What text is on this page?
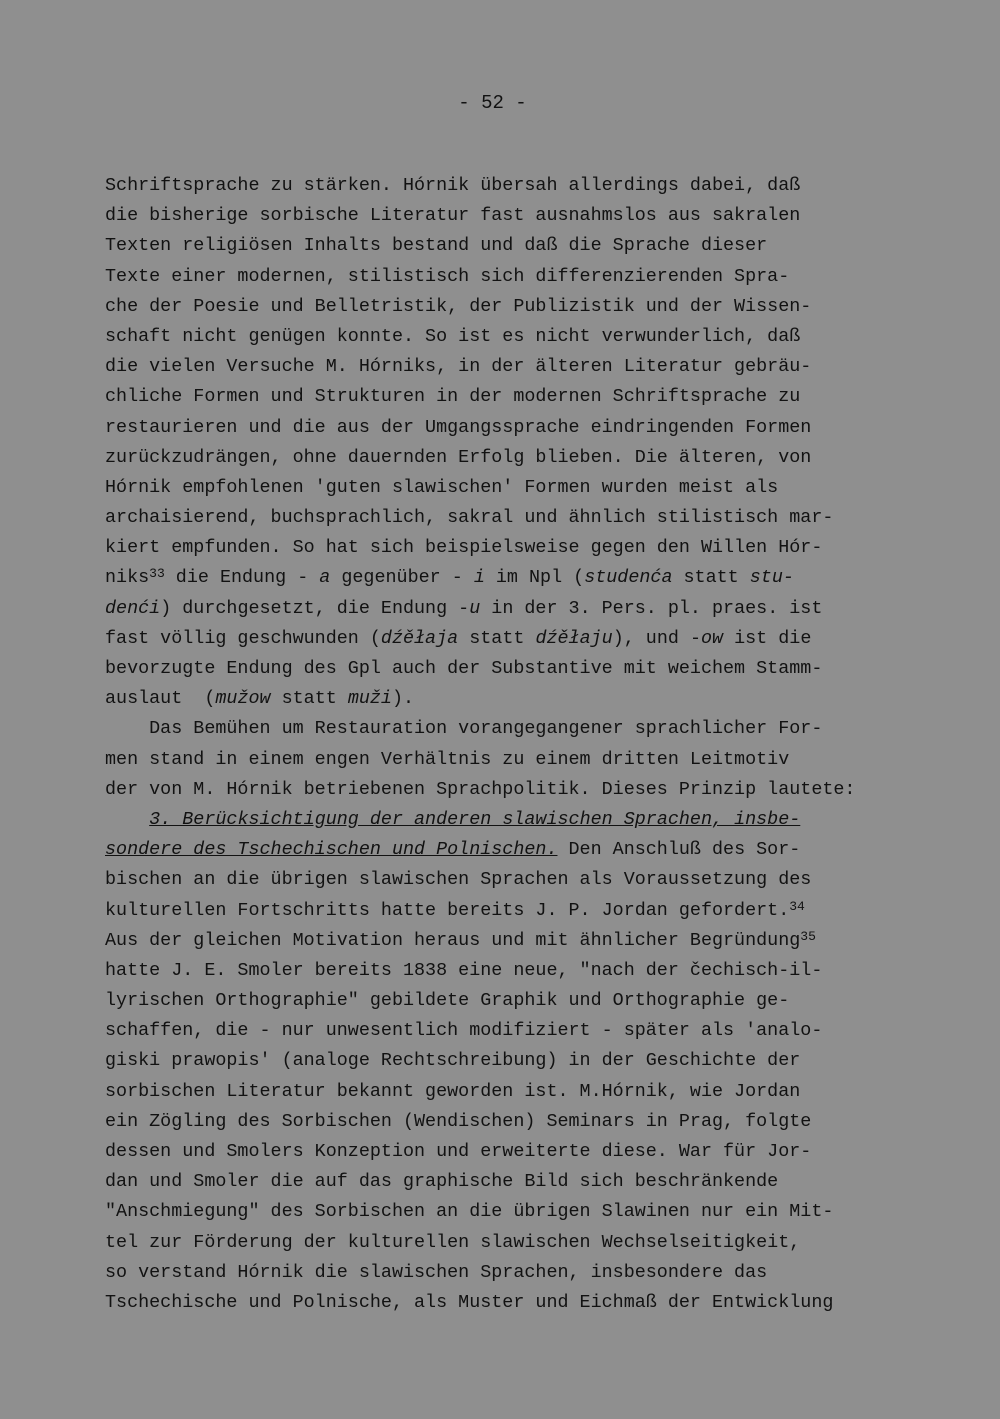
- 52 -
Schriftsprache zu stärken. Hórnik übersah allerdings dabei, daß
die bisherige sorbische Literatur fast ausnahmslos aus sakralen
Texten religiösen Inhalts bestand und daß die Sprache dieser
Texte einer modernen, stilistisch sich differenzierenden Spra-
che der Poesie und Belletristik, der Publizistik und der Wissen-
schaft nicht genügen konnte. So ist es nicht verwunderlich, daß
die vielen Versuche M. Hórniks, in der älteren Literatur gebräu-
chliche Formen und Strukturen in der modernen Schriftsprache zu
restaurieren und die aus der Umgangssprache eindringenden Formen
zurückzudrängen, ohne dauernden Erfolg blieben. Die älteren, von
Hórnik empfohlenen 'guten slawischen' Formen wurden meist als
archaisierend, buchsprachlich, sakral und ähnlich stilistisch mar-
kiert empfunden. So hat sich beispielsweise gegen den Willen Hór-
niks$^{33}$ die Endung - a gegenüber - i im Npl (studenća statt stu-
denći) durchgesetzt, die Endung -u in der 3. Pers. pl. praes. ist
fast völlig geschwunden (dźěłaja statt dźěłaju), und -ow ist die
bevorzugte Endung des Gpl auch der Substantive mit weichem Stamm-
auslaut  (mužow statt muži).
Das Bemühen um Restauration vorangegangener sprachlicher For-
men stand in einem engen Verhältnis zu einem dritten Leitmotiv
der von M. Hórnik betriebenen Sprachpolitik. Dieses Prinzip lautete:
3. Berücksichtigung der anderen slawischen Sprachen, insbe-
sondere des Tschechischen und Polnischen. Den Anschluß des Sor-
bischen an die übrigen slawischen Sprachen als Voraussetzung des
kulturellen Fortschritts hatte bereits J. P. Jordan gefordert.$^{34}$
Aus der gleichen Motivation heraus und mit ähnlicher Begründung$^{35}$
hatte J. E. Smoler bereits 1838 eine neue, "nach der čechisch-il-
lyrischen Orthographie" gebildete Graphik und Orthographie ge-
schaffen, die - nur unwesentlich modifiziert - später als 'analo-
giski prawopis' (analoge Rechtschreibung) in der Geschichte der
sorbischen Literatur bekannt geworden ist. M.Hórnik, wie Jordan
ein Zögling des Sorbischen (Wendischen) Seminars in Prag, folgte
dessen und Smolers Konzeption und erweiterte diese. War für Jor-
dan und Smoler die auf das graphische Bild sich beschränkende
"Anschmiegung" des Sorbischen an die übrigen Slawinen nur ein Mit-
tel zur Förderung der kulturellen slawischen Wechselseitigkeit,
so verstand Hórnik die slawischen Sprachen, insbesondere das
Tschechische und Polnische, als Muster und Eichmaß der Entwicklung
